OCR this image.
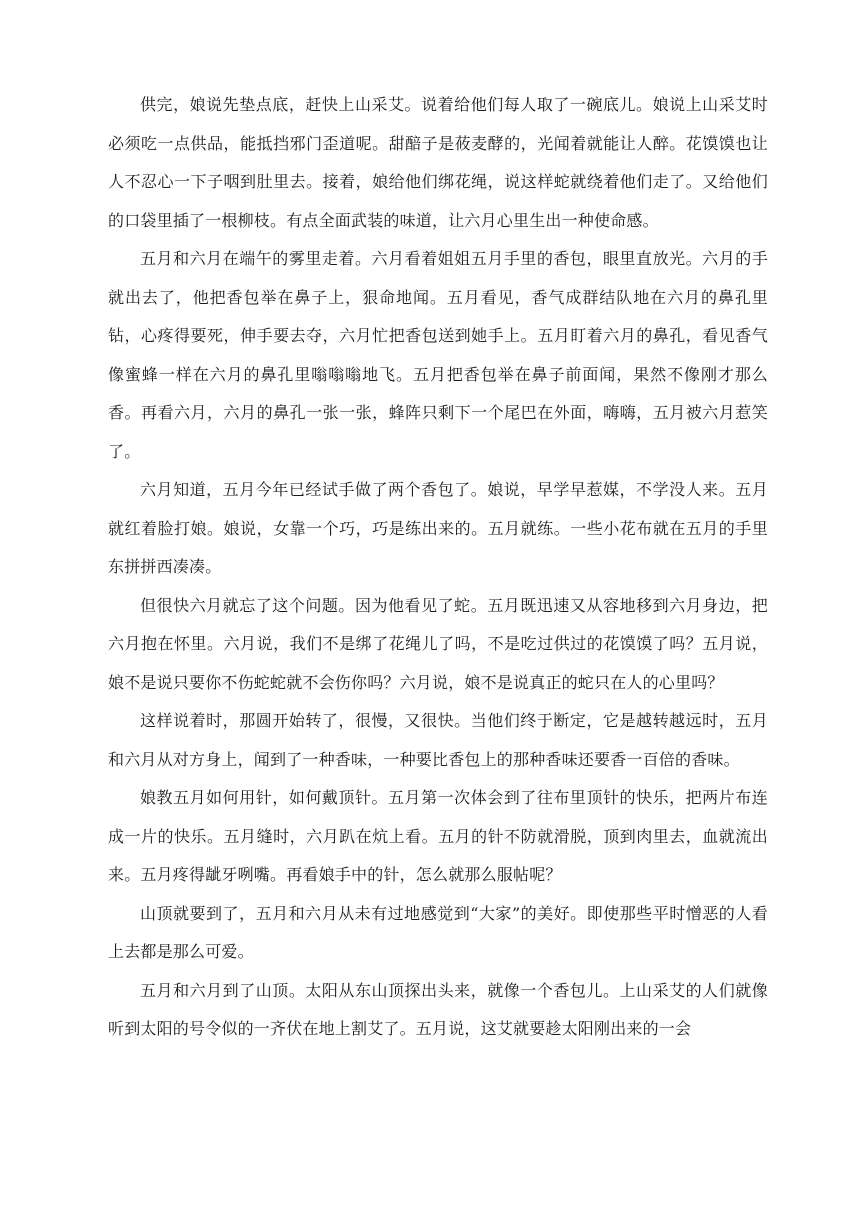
供完，娘说先垫点底，赶快上山采艾。说着给他们每人取了一碗底儿。娘说上山采艾时必须吃一点供品，能抵挡邪门歪道呢。甜醅子是莜麦酵的，光闻着就能让人醉。花馍馍也让人不忍心一下子咽到肚里去。接着，娘给他们绑花绳，说这样蛇就绕着他们走了。又给他们的口袋里插了一根柳枝。有点全面武装的味道，让六月心里生出一种使命感。

五月和六月在端午的雾里走着。六月看着姐姐五月手里的香包，眼里直放光。六月的手就出去了，他把香包举在鼻子上，狠命地闻。五月看见，香气成群结队地在六月的鼻孔里钻，心疼得要死，伸手要去夺，六月忙把香包送到她手上。五月盯着六月的鼻孔，看见香气像蜜蜂一样在六月的鼻孔里嗡嗡嗡地飞。五月把香包举在鼻子前面闻，果然不像刚才那么香。再看六月，六月的鼻孔一张一张，蜂阵只剩下一个尾巴在外面，嗨嗨，五月被六月惹笑了。

六月知道，五月今年已经试手做了两个香包了。娘说，早学早惹媒，不学没人来。五月就红着脸打娘。娘说，女靠一个巧，巧是练出来的。五月就练。一些小花布就在五月的手里东拼拼西凑凑。

但很快六月就忘了这个问题。因为他看见了蛇。五月既迅速又从容地移到六月身边，把六月抱在怀里。六月说，我们不是绑了花绳儿了吗，不是吃过供过的花馍馍了吗？五月说，娘不是说只要你不伤蛇蛇就不会伤你吗？六月说，娘不是说真正的蛇只在人的心里吗？

这样说着时，那圆开始转了，很慢，又很快。当他们终于断定，它是越转越远时，五月和六月从对方身上，闻到了一种香味，一种要比香包上的那种香味还要香一百倍的香味。

娘教五月如何用针，如何戴顶针。五月第一次体会到了往布里顶针的快乐，把两片布连成一片的快乐。五月缝时，六月趴在炕上看。五月的针不防就滑脱，顶到肉里去，血就流出来。五月疼得龇牙咧嘴。再看娘手中的针，怎么就那么服帖呢？

山顶就要到了，五月和六月从未有过地感觉到“大家”的美好。即使那些平时憎恶的人看上去都是那么可爱。

五月和六月到了山顶。太阳从东山顶探出头来，就像一个香包儿。上山采艾的人们就像听到太阳的号令似的一齐伏在地上割艾了。五月说，这艾就要趁太阳刚出来的一会
